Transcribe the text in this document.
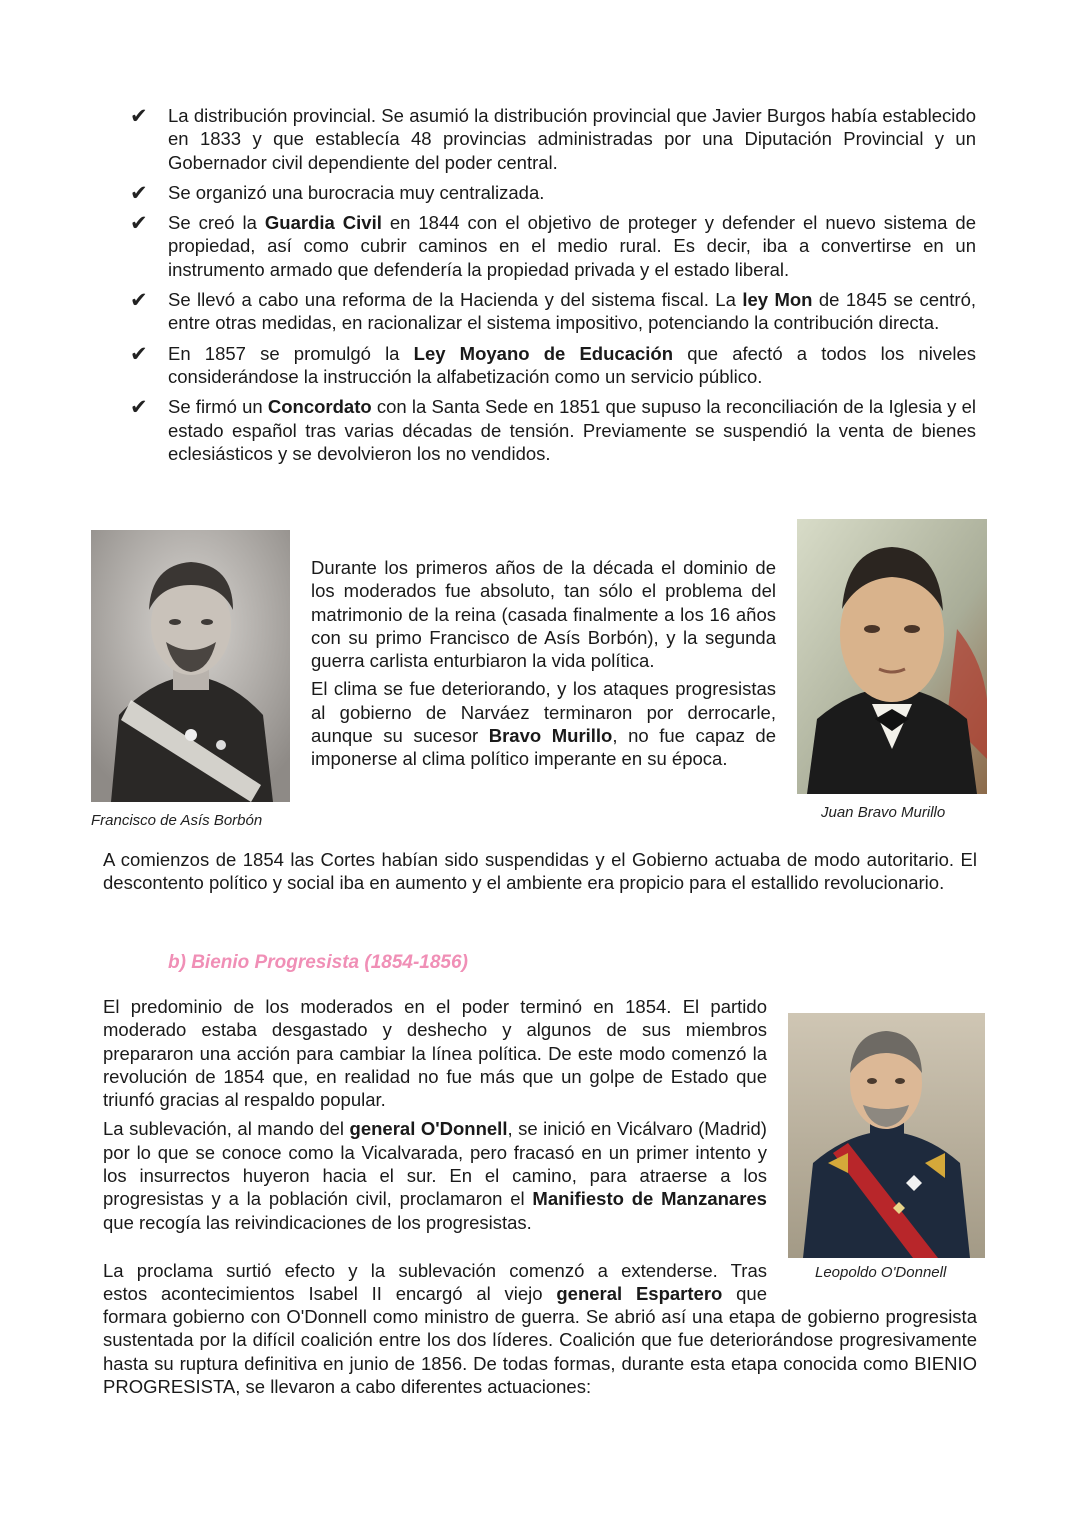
✔ La distribución provincial. Se asumió la distribución provincial que Javier Burgos había establecido en 1833 y que establecía 48 provincias administradas por una Diputación Provincial y un Gobernador civil dependiente del poder central.
✔ Se organizó una burocracia muy centralizada.
✔ Se creó la Guardia Civil en 1844 con el objetivo de proteger y defender el nuevo sistema de propiedad, así como cubrir caminos en el medio rural. Es decir, iba a convertirse en un instrumento armado que defendería la propiedad privada y el estado liberal.
✔ Se llevó a cabo una reforma de la Hacienda y del sistema fiscal. La ley Mon de 1845 se centró, entre otras medidas, en racionalizar el sistema impositivo, potenciando la contribución directa.
✔ En 1857 se promulgó la Ley Moyano de Educación que afectó a todos los niveles considerándose la instrucción la alfabetización como un servicio público.
✔ Se firmó un Concordato con la Santa Sede en 1851 que supuso la reconciliación de la Iglesia y el estado español tras varias décadas de tensión. Previamente se suspendió la venta de bienes eclesiásticos y se devolvieron los no vendidos.
Francisco de Asís Borbón
Durante los primeros años de la década el dominio de los moderados fue absoluto, tan sólo el problema del matrimonio de la reina (casada finalmente a los 16 años con su primo Francisco de Asís Borbón), y la segunda guerra carlista enturbiaron la vida política.
El clima se fue deteriorando, y los ataques progresistas al gobierno de Narváez terminaron por derrocarle, aunque su sucesor Bravo Murillo, no fue capaz de imponerse al clima político imperante en su época.
Juan Bravo Murillo
A comienzos de 1854 las Cortes habían sido suspendidas y el Gobierno actuaba de modo autoritario. El descontento político y social iba en aumento y el ambiente era propicio para el estallido revolucionario.
b) Bienio Progresista (1854-1856)
El predominio de los moderados en el poder terminó en 1854. El partido moderado estaba desgastado y deshecho y algunos de sus miembros prepararon una acción para cambiar la línea política. De este modo comenzó la revolución de 1854 que, en realidad no fue más que un golpe de Estado que triunfó gracias al respaldo popular.
La sublevación, al mando del general O'Donnell, se inició en Vicálvaro (Madrid) por lo que se conoce como la Vicalvarada, pero fracasó en un primer intento y los insurrectos huyeron hacia el sur. En el camino, para atraerse a los progresistas y a la población civil, proclamaron el Manifiesto de Manzanares que recogía las reivindicaciones de los progresistas.
Leopoldo O'Donnell
La proclama surtió efecto y la sublevación comenzó a extenderse. Tras
estos acontecimientos Isabel II encargó al viejo general Espartero que
formara gobierno con O'Donnell como ministro de guerra. Se abrió así una etapa de gobierno progresista sustentada por la difícil coalición entre los dos líderes. Coalición que fue deteriorándose progresivamente hasta su ruptura definitiva en junio de 1856. De todas formas, durante esta etapa conocida como BIENIO PROGRESISTA, se llevaron a cabo diferentes actuaciones:
